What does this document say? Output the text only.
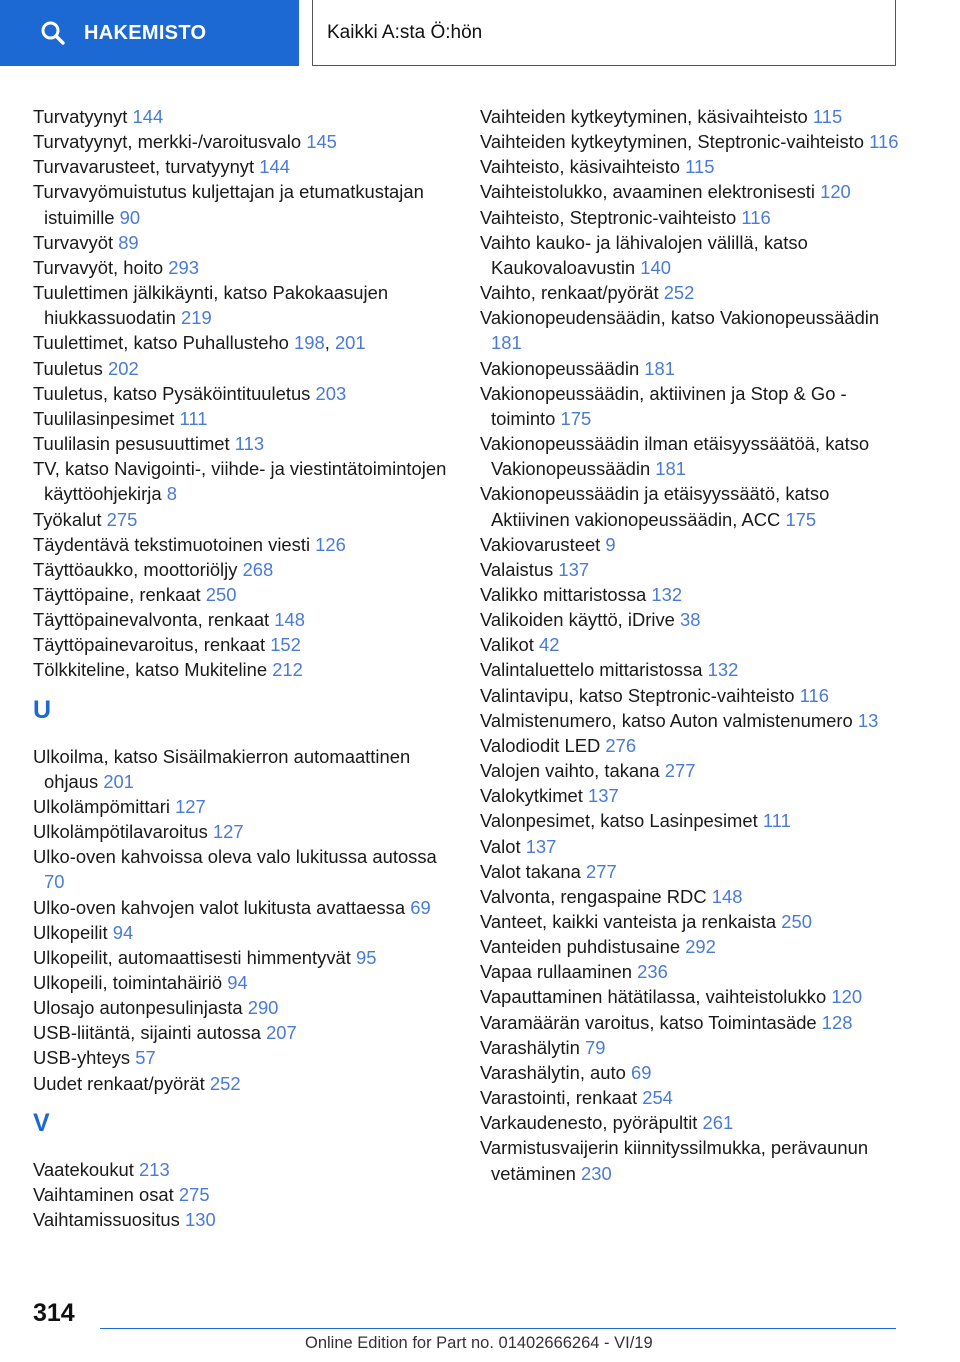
HAKEMISTO	Kaikki A:sta Ö:hön
Turvatyynyt 144
Turvatyynyt, merkki-/varoitusvalo 145
Turvavarusteet, turvatyynyt 144
Turvavyömuistutus kuljettajan ja etumatkustajan istuimille 90
Turvavyöt 89
Turvavyöt, hoito 293
Tuulettimen jälkikäynti, katso Pakokaasujen hiukkassuodatin 219
Tuulettimet, katso Puhallusteho 198, 201
Tuuletus 202
Tuuletus, katso Pysäköintituuletus 203
Tuulilasinpesimet 111
Tuulilasin pesusuuttimet 113
TV, katso Navigointi-, viihde- ja viestintätoimintojen käyttöohjekirja 8
Työkalut 275
Täydentävä tekstimuotoinen viesti 126
Täyttöaukko, moottoriöljy 268
Täyttöpaine, renkaat 250
Täyttöpainevalvonta, renkaat 148
Täyttöpainevaroitus, renkaat 152
Tölkkiteline, katso Mukiteline 212
U
Ulkoilma, katso Sisäilmakierron automaattinen ohjaus 201
Ulkolämpömittari 127
Ulkolämpötilavaroitus 127
Ulko-oven kahvoissa oleva valo lukitussa autossa 70
Ulko-oven kahvojen valot lukitusta avattaessa 69
Ulkopeilit 94
Ulkopeilit, automaattisesti himmentyvät 95
Ulkopeili, toimintahäiriö 94
Ulosajo autonpesulinjasta 290
USB-liitäntä, sijainti autossa 207
USB-yhteys 57
Uudet renkaat/pyörät 252
V
Vaatekoukut 213
Vaihtaminen osat 275
Vaihtamissuositus 130
Vaihteiden kytkeytyminen, käsivaihteisto 115
Vaihteiden kytkeytyminen, Steptronic-vaihteisto 116
Vaihteisto, käsivaihteisto 115
Vaihteistolukko, avaaminen elektronisesti 120
Vaihteisto, Steptronic-vaihteisto 116
Vaihto kauko- ja lähivalojen välillä, katso Kaukovaloavustin 140
Vaihto, renkaat/pyörät 252
Vakionopeudensäädin, katso Vakionopeussäädin 181
Vakionopeussäädin 181
Vakionopeussäädin, aktiivinen ja Stop & Go -toiminto 175
Vakionopeussäädin ilman etäisyyssäätöä, katso Vakionopeussäädin 181
Vakionopeussäädin ja etäisyyssäätö, katso Aktiivinen vakionopeussäädin, ACC 175
Vakiovarusteet 9
Valaistus 137
Valikko mittaristossa 132
Valikoiden käyttö, iDrive 38
Valikot 42
Valintaluettelo mittaristossa 132
Valintavipu, katso Steptronic-vaihteisto 116
Valmistenumero, katso Auton valmistenumero 13
Valodiodit LED 276
Valojen vaihto, takana 277
Valokytkimet 137
Valonpesimet, katso Lasinpesimet 111
Valot 137
Valot takana 277
Valvonta, rengaspaine RDC 148
Vanteet, kaikki vanteista ja renkaista 250
Vanteiden puhdistusaine 292
Vapaa rullaaminen 236
Vapauttaminen hätätilassa, vaihteistolukko 120
Varamäärän varoitus, katso Toimintasäde 128
Varashälytin 79
Varashälytin, auto 69
Varastointi, renkaat 254
Varkaudenesto, pyöräpultit 261
Varmistusvaijerin kiinnityssilmukka, perävaunun vetäminen 230
314
Online Edition for Part no. 01402666264 - VI/19
